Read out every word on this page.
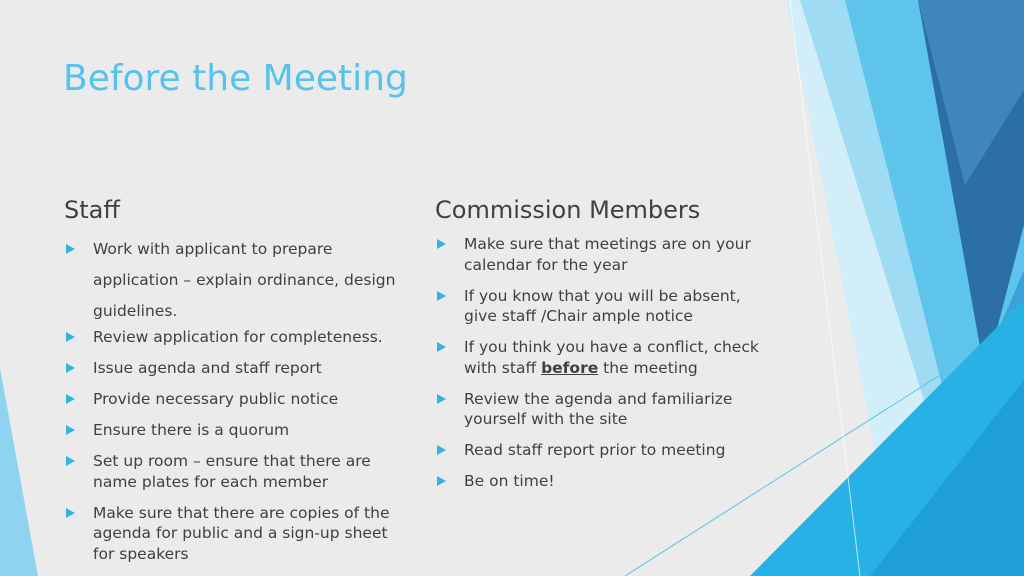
Before the Meeting
Staff
Work with applicant to prepare application – explain ordinance, design guidelines.
Review application for completeness.
Issue agenda and staff report
Provide necessary public notice
Ensure there is a quorum
Set up room – ensure that there are name plates for each member
Make sure that there are copies of the agenda for public and a sign-up sheet for speakers
Commission Members
Make sure that meetings are on your calendar for the year
If you know that you will be absent, give staff /Chair ample notice
If you think you have a conflict, check with staff before the meeting
Review the agenda and familiarize yourself with the site
Read staff report prior to meeting
Be on time!
